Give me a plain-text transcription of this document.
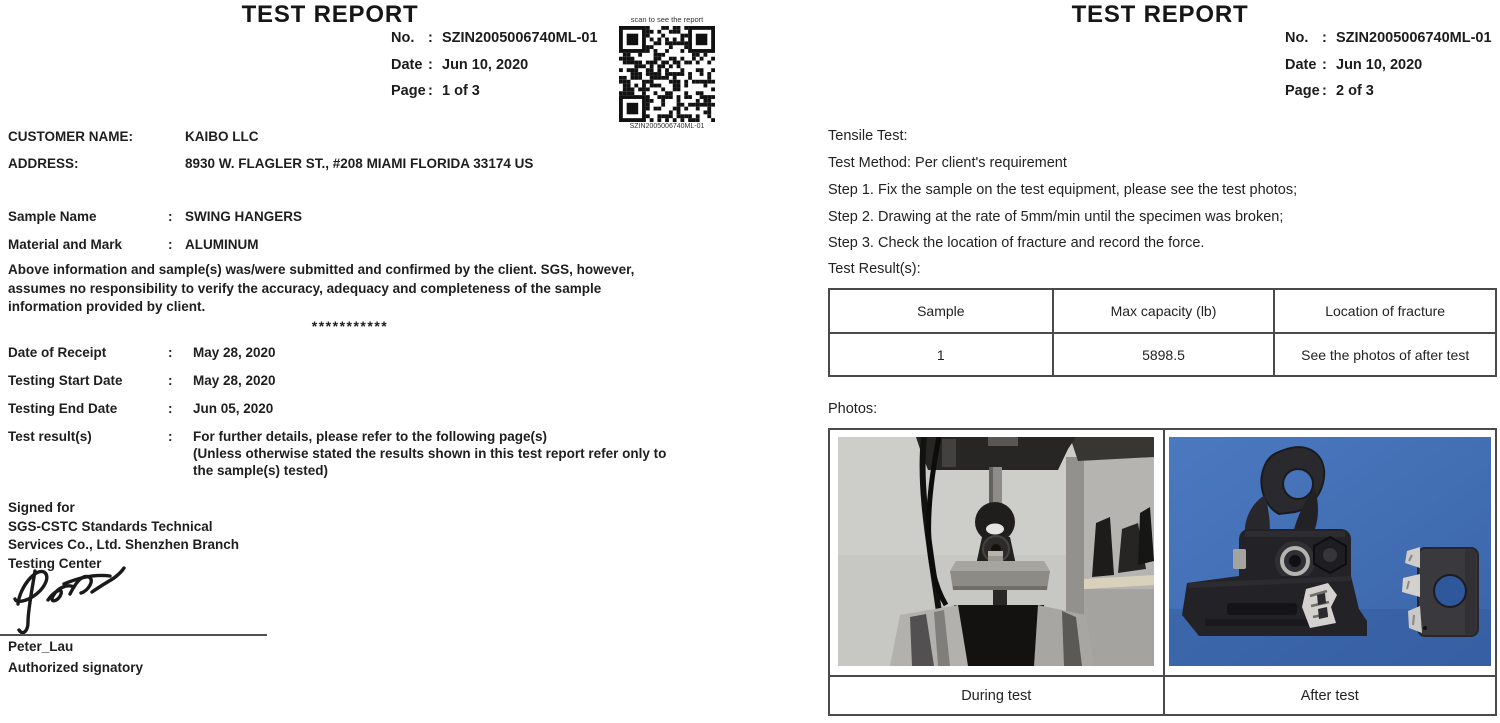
TEST REPORT
No. : SZIN2005006740ML-01
Date : Jun 10, 2020
Page : 1 of 3
scan to see the report
SZIN2005006740ML-01
CUSTOMER NAME:	KAIBO LLC
ADDRESS:	8930 W. FLAGLER ST., #208 MIAMI FLORIDA 33174 US
Sample Name	: SWING HANGERS
Material and Mark	: ALUMINUM
Above information and sample(s) was/were submitted and confirmed by the client. SGS, however,
assumes no responsibility to verify the accuracy, adequacy and completeness of the sample
information provided by client.
***********
Date of Receipt	:	May 28, 2020
Testing Start Date	:	May 28, 2020
Testing End Date	:	Jun 05, 2020
Test result(s)	:	For further details, please refer to the following page(s)
(Unless otherwise stated the results shown in this test report refer only to
the sample(s) tested)
Signed for
SGS-CSTC Standards Technical
Services Co., Ltd. Shenzhen Branch
Testing Center
Peter_Lau
Authorized signatory
TEST REPORT
No. : SZIN2005006740ML-01
Date : Jun 10, 2020
Page : 2 of 3
Tensile Test:
Test Method: Per client's requirement
Step 1. Fix the sample on the test equipment, please see the test photos;
Step 2. Drawing at the rate of 5mm/min until the specimen was broken;
Step 3. Check the location of fracture and record the force.
Test Result(s):
Sample	Max capacity (lb)	Location of fracture
1	5898.5	See the photos of after test
Photos:
During test	After test
